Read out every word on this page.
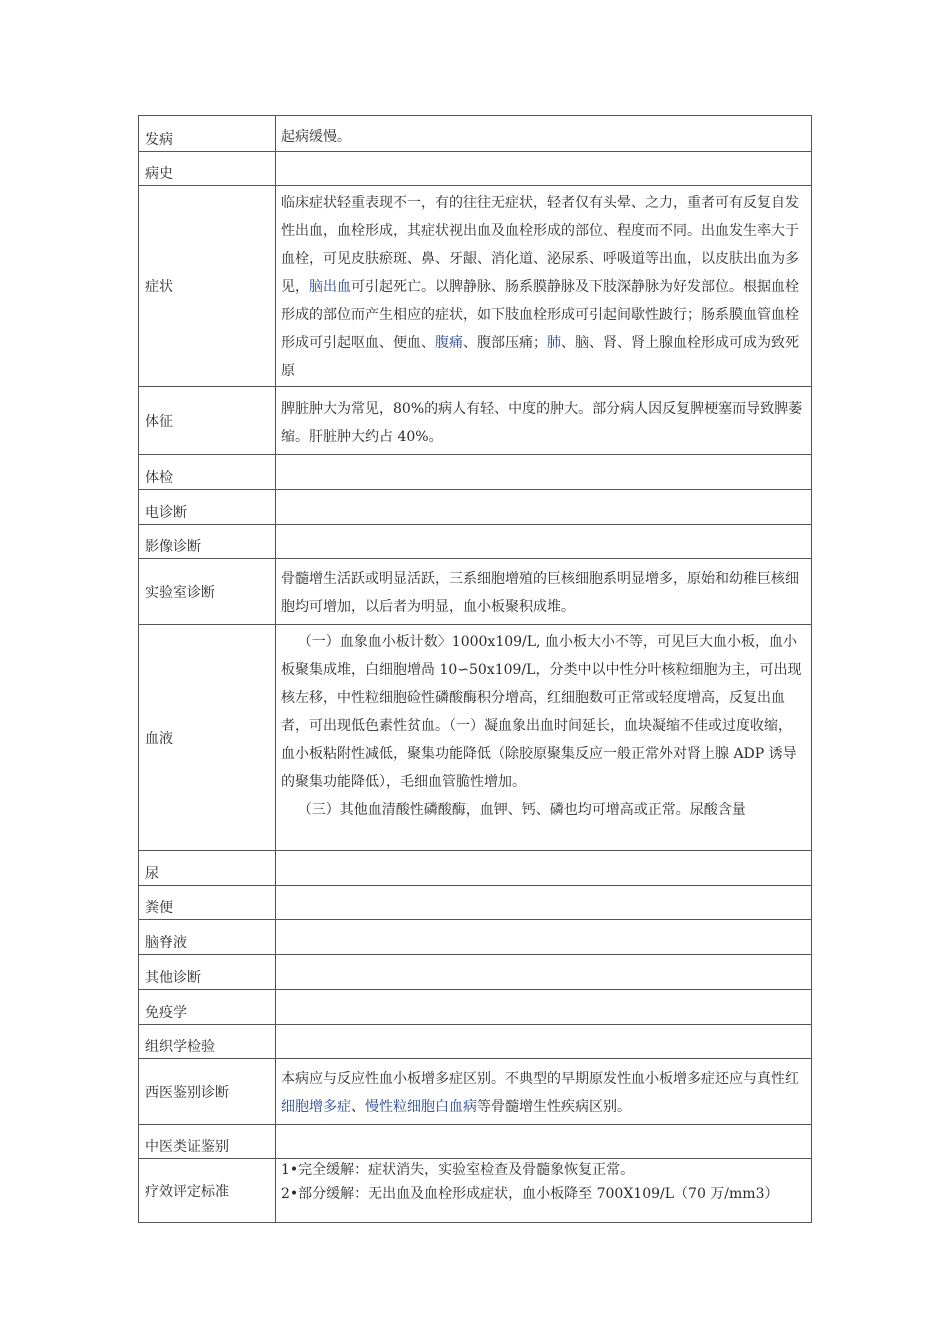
发病	起病缓慢。
病史	
症状	临床症状轻重表现不一，有的往往无症状，轻者仅有头晕、之力，重者可有反复自发性出血，血栓形成，其症状视出血及血栓形成的部位、程度而不同。出血发生率大于血栓，可见皮肤瘀斑、鼻、牙龈、消化道、泌尿系、呼吸道等出血，以皮肤出血为多见，脑出血可引起死亡。以脾静脉、肠系膜静脉及下肢深静脉为好发部位。根据血栓形成的部位而产生相应的症状，如下肢血栓形成可引起间歇性跛行；肠系膜血管血栓形成可引起呕血、便血、腹痛、腹部压痛；肺、脑、肾、肾上腺血栓形成可成为致死原

体征	脾脏肿大为常见，80%的病人有轻、中度的肿大。部分病人因反复脾梗塞而导致脾萎缩。肝脏肿大约占 40%。
体检	
电诊断	
影像诊断	
实验室诊断	骨髓增生活跃或明显活跃，三系细胞增殖的巨核细胞系明显增多，原始和幼稚巨核细胞均可增加，以后者为明显，血小板聚积成堆。
血液	（一）血象血小板计数〉1000x109/L, 血小板大小不等，可见巨大血小板，血小板聚集成堆，白细胞增咼 10∽50x109/L，分类中以中性分叶核粒细胞为主，可出现核左移，中性粒细胞硷性磷酸酶积分增高，红细胞数可正常或轻度增高，反复出血者，可出现低色素性贫血。（一）凝血象出血时间延长，血块凝缩不佳或过度收缩，血小板粘附性减低，聚集功能降低（除胶原聚集反应一般正常外对肾上腺 ADP 诱导的聚集功能降低），毛细血管脆性增加。

（三）其他血清酸性磷酸酶，血钾、钙、磷也均可增高或正常。尿酸含量

尿	
粪便	
脑脊液	
其他诊断	
免疫学	
组织学检验	
西医鉴别诊断	本病应与反应性血小板增多症区别。不典型的早期原发性血小板增多症还应与真性红细胞增多症、慢性粒细胞白血病等骨髓增生性疾病区别。
中医类证鉴别	
疗效评定标准	1•完全缓解：症状消失，实验室检查及骨髓象恢复正常。

2•部分缓解：无出血及血栓形成症状，血小板降至 700X109/L（70 万/mm3）
